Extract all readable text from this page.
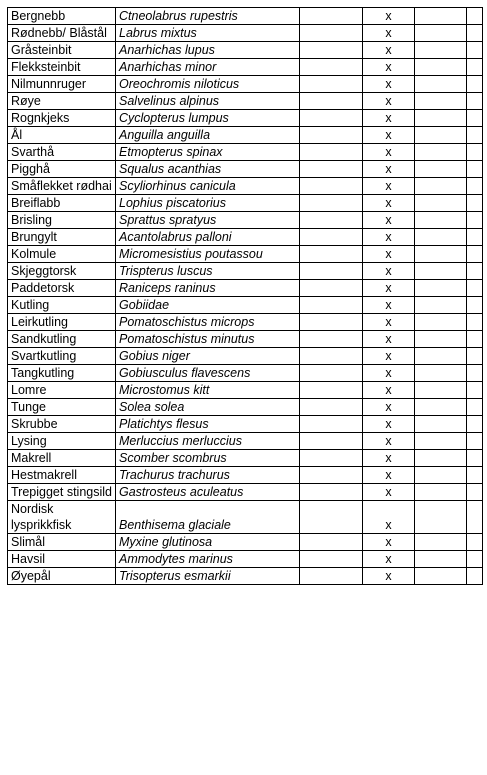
Bergnebb	Ctneolabrus rupestris		x		
Rødnebb/ Blåstål	Labrus mixtus		x		
Gråsteinbit	Anarhichas lupus		x		
Flekksteinbit	Anarhichas minor		x		
Nilmunnruger	Oreochromis niloticus		x		
Røye	Salvelinus alpinus		x		
Rognkjeks	Cyclopterus lumpus		x		
Ål	Anguilla anguilla		x		
Svarthå	Etmopterus spinax		x		
Pigghå	Squalus acanthias		x		
Småflekket rødhai	Scyliorhinus canicula		x		
Breiflabb	Lophius piscatorius		x		
Brisling	Sprattus spratyus		x		
Brungylt	Acantolabrus palloni		x		
Kolmule	Micromesistius poutassou		x		
Skjeggtorsk	Trispterus luscus		x		
Paddetorsk	Raniceps raninus		x		
Kutling	Gobiidae		x		
Leirkutling	Pomatoschistus microps		x		
Sandkutling	Pomatoschistus minutus		x		
Svartkutling	Gobius niger		x		
Tangkutling	Gobiusculus flavescens		x		
Lomre	Microstomus kitt		x		
Tunge	Solea solea		x		
Skrubbe	Platichtys flesus		x		
Lysing	Merluccius merluccius		x		
Makrell	Scomber scombrus		x		
Hestmakrell	Trachurus trachurus		x		
Trepigget stingsild	Gastrosteus aculeatus		x		
Nordisk lysprikkfisk	Benthisema glaciale		x		
Slimål	Myxine glutinosa		x		
Havsil	Ammodytes marinus		x		
Øyepål	Trisopterus esmarkii		x		
